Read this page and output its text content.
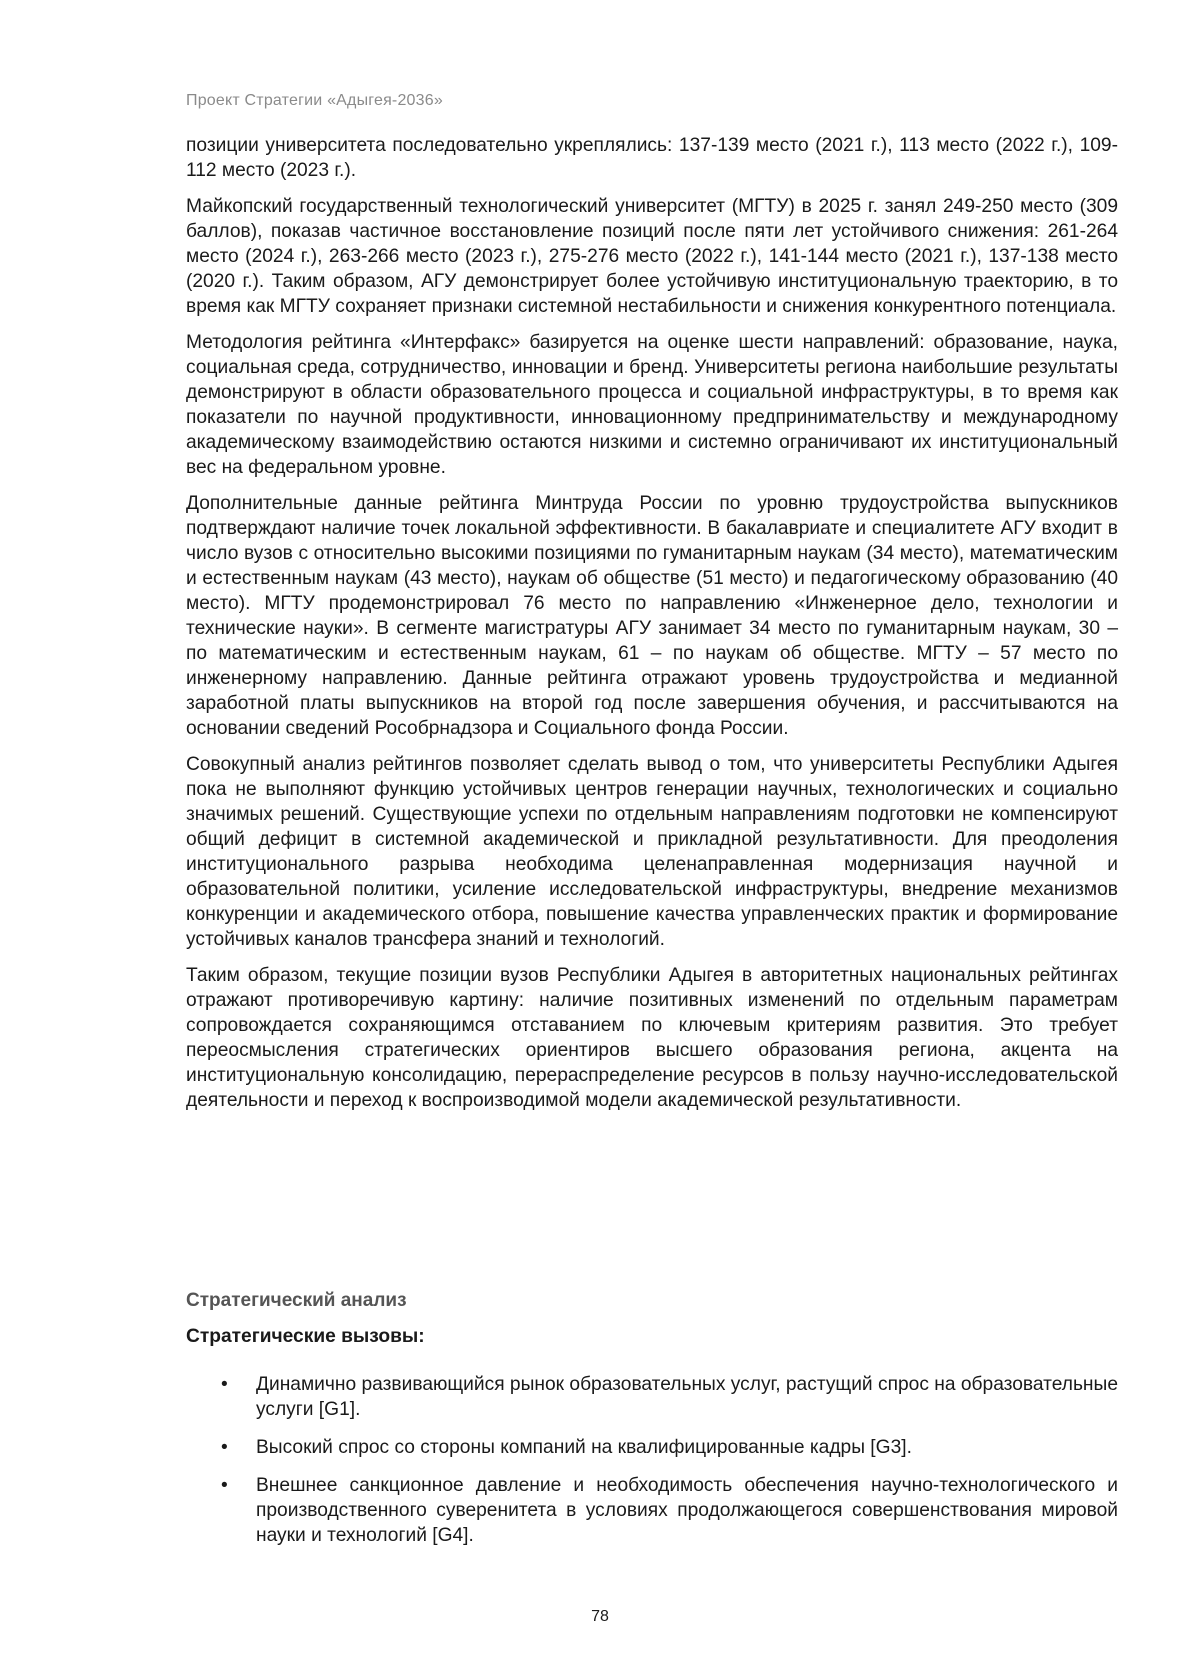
Проект Стратегии «Адыгея-2036»

позиции университета последовательно укреплялись: 137-139 место (2021 г.), 113 место (2022 г.), 109-112 место (2023 г.).

Майкопский государственный технологический университет (МГТУ) в 2025 г. занял 249-250 место (309 баллов), показав частичное восстановление позиций после пяти лет устойчивого снижения: 261-264 место (2024 г.), 263-266 место (2023 г.), 275-276 место (2022 г.), 141-144 место (2021 г.), 137-138 место (2020 г.). Таким образом, АГУ демонстрирует более устойчивую институциональную траекторию, в то время как МГТУ сохраняет признаки системной нестабильности и снижения конкурентного потенциала.

Методология рейтинга «Интерфакс» базируется на оценке шести направлений: образование, наука, социальная среда, сотрудничество, инновации и бренд. Университеты региона наибольшие результаты демонстрируют в области образовательного процесса и социальной инфраструктуры, в то время как показатели по научной продуктивности, инновационному предпринимательству и международному академическому взаимодействию остаются низкими и системно ограничивают их институциональный вес на федеральном уровне.

Дополнительные данные рейтинга Минтруда России по уровню трудоустройства выпускников подтверждают наличие точек локальной эффективности. В бакалавриате и специалитете АГУ входит в число вузов с относительно высокими позициями по гуманитарным наукам (34 место), математическим и естественным наукам (43 место), наукам об обществе (51 место) и педагогическому образованию (40 место). МГТУ продемонстрировал 76 место по направлению «Инженерное дело, технологии и технические науки». В сегменте магистратуры АГУ занимает 34 место по гуманитарным наукам, 30 – по математическим и естественным наукам, 61 – по наукам об обществе. МГТУ – 57 место по инженерному направлению. Данные рейтинга отражают уровень трудоустройства и медианной заработной платы выпускников на второй год после завершения обучения, и рассчитываются на основании сведений Рособрнадзора и Социального фонда России.

Совокупный анализ рейтингов позволяет сделать вывод о том, что университеты Республики Адыгея пока не выполняют функцию устойчивых центров генерации научных, технологических и социально значимых решений. Существующие успехи по отдельным направлениям подготовки не компенсируют общий дефицит в системной академической и прикладной результативности. Для преодоления институционального разрыва необходима целенаправленная модернизация научной и образовательной политики, усиление исследовательской инфраструктуры, внедрение механизмов конкуренции и академического отбора, повышение качества управленческих практик и формирование устойчивых каналов трансфера знаний и технологий.

Таким образом, текущие позиции вузов Республики Адыгея в авторитетных национальных рейтингах отражают противоречивую картину: наличие позитивных изменений по отдельным параметрам сопровождается сохраняющимся отставанием по ключевым критериям развития. Это требует переосмысления стратегических ориентиров высшего образования региона, акцента на институциональную консолидацию, перераспределение ресурсов в пользу научно-исследовательской деятельности и переход к воспроизводимой модели академической результативности.

Стратегический анализ
Стратегические вызовы:
• Динамично развивающийся рынок образовательных услуг, растущий спрос на образовательные услуги [G1].
• Высокий спрос со стороны компаний на квалифицированные кадры [G3].
• Внешнее санкционное давление и необходимость обеспечения научно-технологического и производственного суверенитета в условиях продолжающегося совершенствования мировой науки и технологий [G4].
78
